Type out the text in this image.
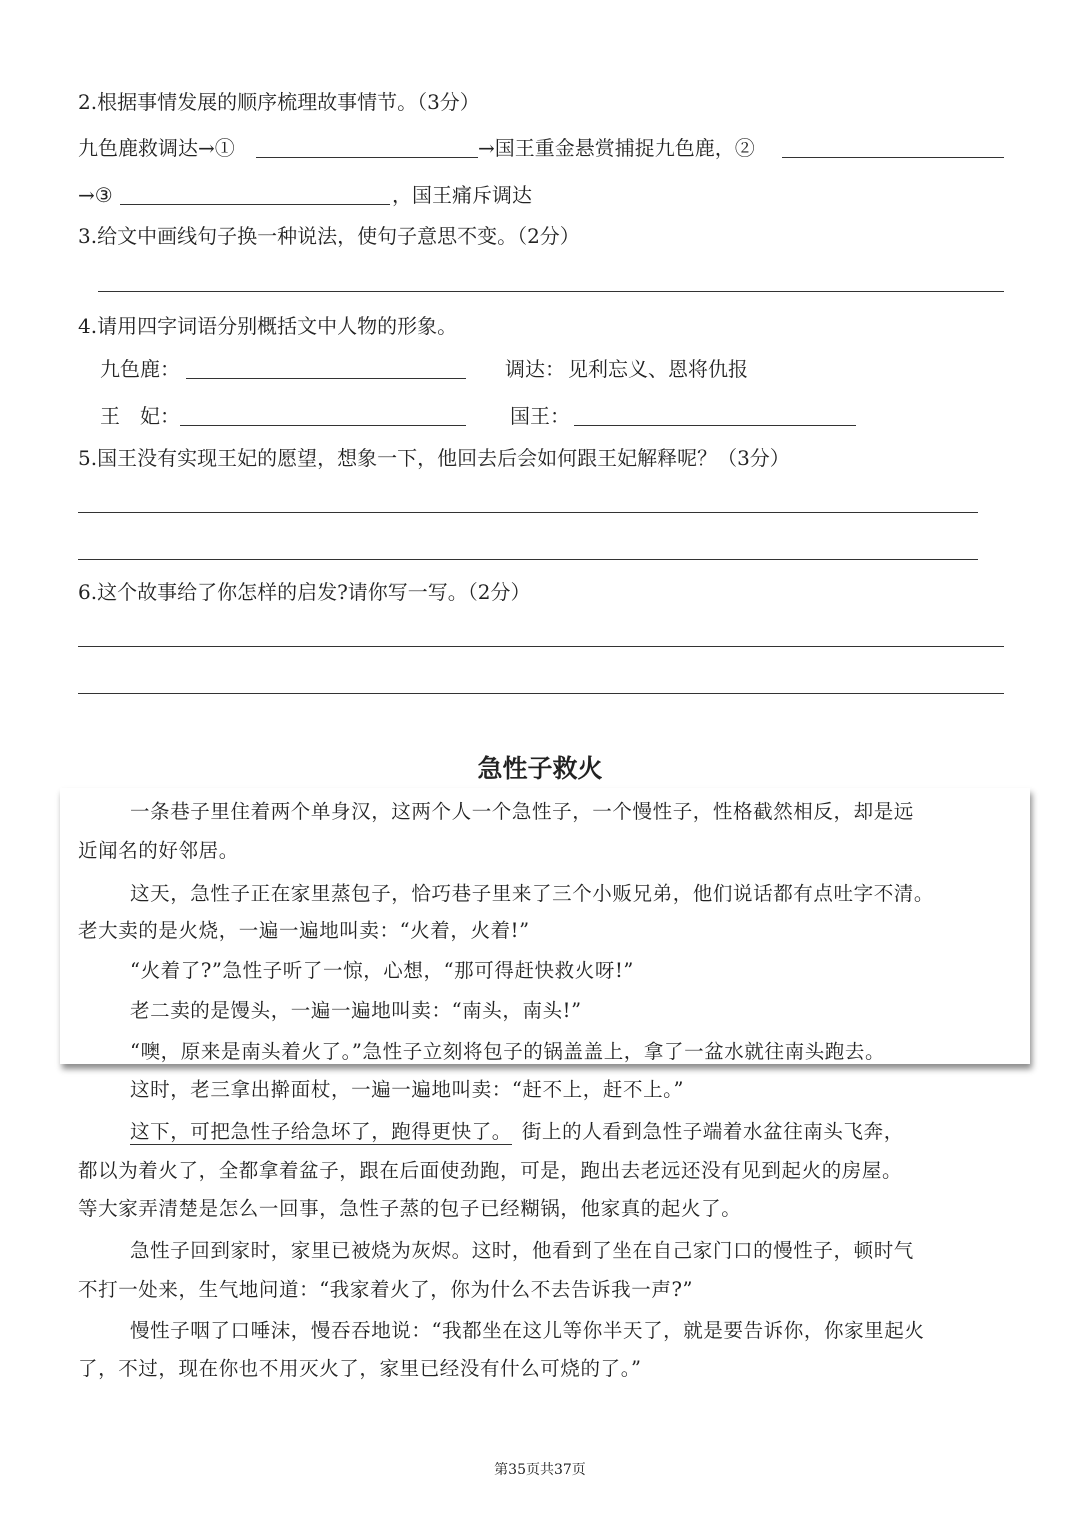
2.根据事情发展的顺序梳理故事情节。（3分）
九色鹿救调达→①	→国王重金悬赏捕捉九色鹿，②
→③	，国王痛斥调达
3.给文中画线句子换一种说法，使句子意思不变。（2分）
4.请用四字词语分别概括文中人物的形象。
九色鹿：	调达： 见利忘义、恩将仇报
王　妃：	国王：
5.国王没有实现王妃的愿望，想象一下，他回去后会如何跟王妃解释呢？（3分）
6.这个故事给了你怎样的启发?请你写一写。（2分）
急性子救火
一条巷子里住着两个单身汉，这两个人一个急性子，一个慢性子，性格截然相反，却是远
近闻名的好邻居。
这天，急性子正在家里蒸包子，恰巧巷子里来了三个小贩兄弟，他们说话都有点吐字不清。
老大卖的是火烧，一遍一遍地叫卖：“火着，火着!”
“火着了?”急性子听了一惊，心想，“那可得赶快救火呀!”
老二卖的是馒头，一遍一遍地叫卖：“南头，南头!”
“噢，原来是南头着火了。”急性子立刻将包子的锅盖盖上，拿了一盆水就往南头跑去。
这时，老三拿出擀面杖，一遍一遍地叫卖：“赶不上，赶不上。”
这下，可把急性子给急坏了，跑得更快了。 街上的人看到急性子端着水盆往南头飞奔，
都以为着火了，全都拿着盆子，跟在后面使劲跑，可是，跑出去老远还没有见到起火的房屋。
等大家弄清楚是怎么一回事，急性子蒸的包子已经糊锅，他家真的起火了。
急性子回到家时，家里已被烧为灰烬。这时，他看到了坐在自己家门口的慢性子，顿时气
不打一处来，生气地问道：“我家着火了，你为什么不去告诉我一声?”
慢性子咽了口唾沫，慢吞吞地说：“我都坐在这儿等你半天了，就是要告诉你，你家里起火
了，不过，现在你也不用灭火了，家里已经没有什么可烧的了。”
第35页共37页
